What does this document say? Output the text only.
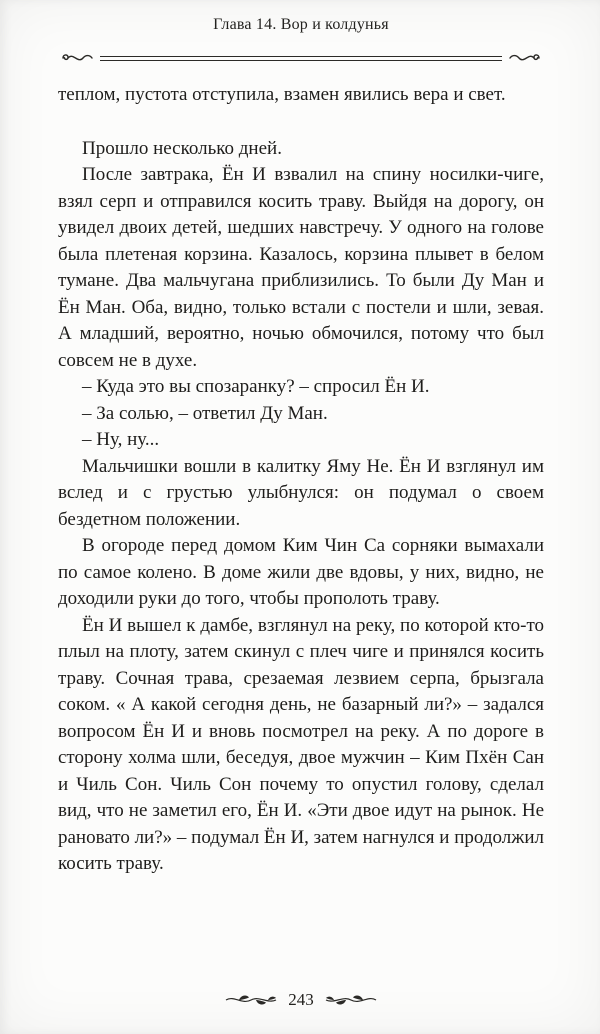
Глава 14. Вор и колдунья

теплом, пустота отступила, взамен явились вера и свет.

Прошло несколько дней.

После завтрака, Ён И взвалил на спину носилки-чиге, взял серп и отправился косить траву. Выйдя на дорогу, он увидел двоих детей, шедших навстречу. У одного на голове была плетеная корзина. Казалось, корзина плывет в белом тумане. Два мальчугана приблизились. То были Ду Ман и Ён Ман. Оба, видно, только встали с постели и шли, зевая. А младший, вероятно, ночью обмочился, потому что был совсем не в духе.

– Куда это вы спозаранку? – спросил Ён И.

– За солью, – ответил Ду Ман.

– Ну, ну...

Мальчишки вошли в калитку Яму Не. Ён И взглянул им вслед и с грустью улыбнулся: он подумал о своем бездетном положении.

В огороде перед домом Ким Чин Са сорняки вымахали по самое колено. В доме жили две вдовы, у них, видно, не доходили руки до того, чтобы прополоть траву.

Ён И вышел к дамбе, взглянул на реку, по которой кто-то плыл на плоту, затем скинул с плеч чиге и принялся косить траву. Сочная трава, срезаемая лезвием серпа, брызгала соком. « А какой сегодня день, не базарный ли?» – задался вопросом Ён И и вновь посмотрел на реку. А по дороге в сторону холма шли, беседуя, двое мужчин – Ким Пхён Сан и Чиль Сон. Чиль Сон почему то опустил голову, сделал вид, что не заметил его, Ён И. «Эти двое идут на рынок. Не рановато ли?» – подумал Ён И, затем нагнулся и продолжил косить траву.

243
